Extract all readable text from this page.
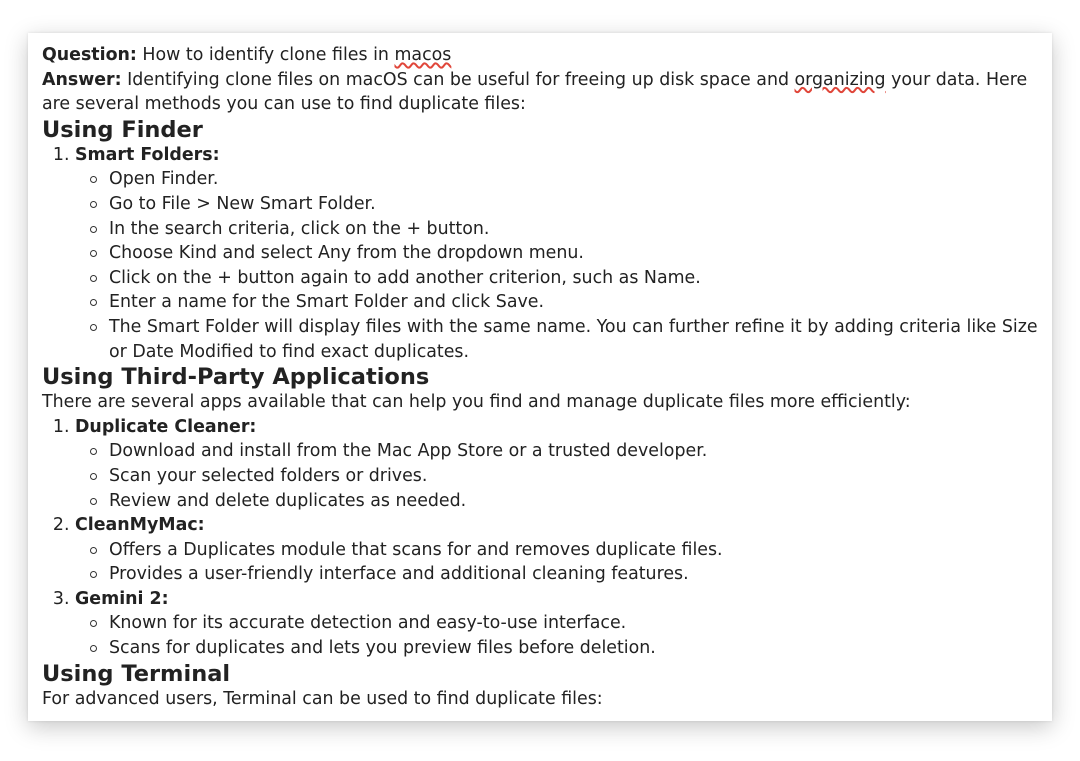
Question: How to identify clone files in macos

Answer: Identifying clone files on macOS can be useful for freeing up disk space and organizing your data. Here are several methods you can use to find duplicate files:

Using Finder
1. Smart Folders:
Open Finder.
Go to File > New Smart Folder.
In the search criteria, click on the + button.
Choose Kind and select Any from the dropdown menu.
Click on the + button again to add another criterion, such as Name.
Enter a name for the Smart Folder and click Save.
The Smart Folder will display files with the same name. You can further refine it by adding criteria like Size or Date Modified to find exact duplicates.
Using Third-Party Applications

There are several apps available that can help you find and manage duplicate files more efficiently:

1. Duplicate Cleaner:
Download and install from the Mac App Store or a trusted developer.
Scan your selected folders or drives.
Review and delete duplicates as needed.
2. CleanMyMac:
Offers a Duplicates module that scans for and removes duplicate files.
Provides a user-friendly interface and additional cleaning features.
3. Gemini 2:
Known for its accurate detection and easy-to-use interface.
Scans for duplicates and lets you preview files before deletion.
Using Terminal

For advanced users, Terminal can be used to find duplicate files:
